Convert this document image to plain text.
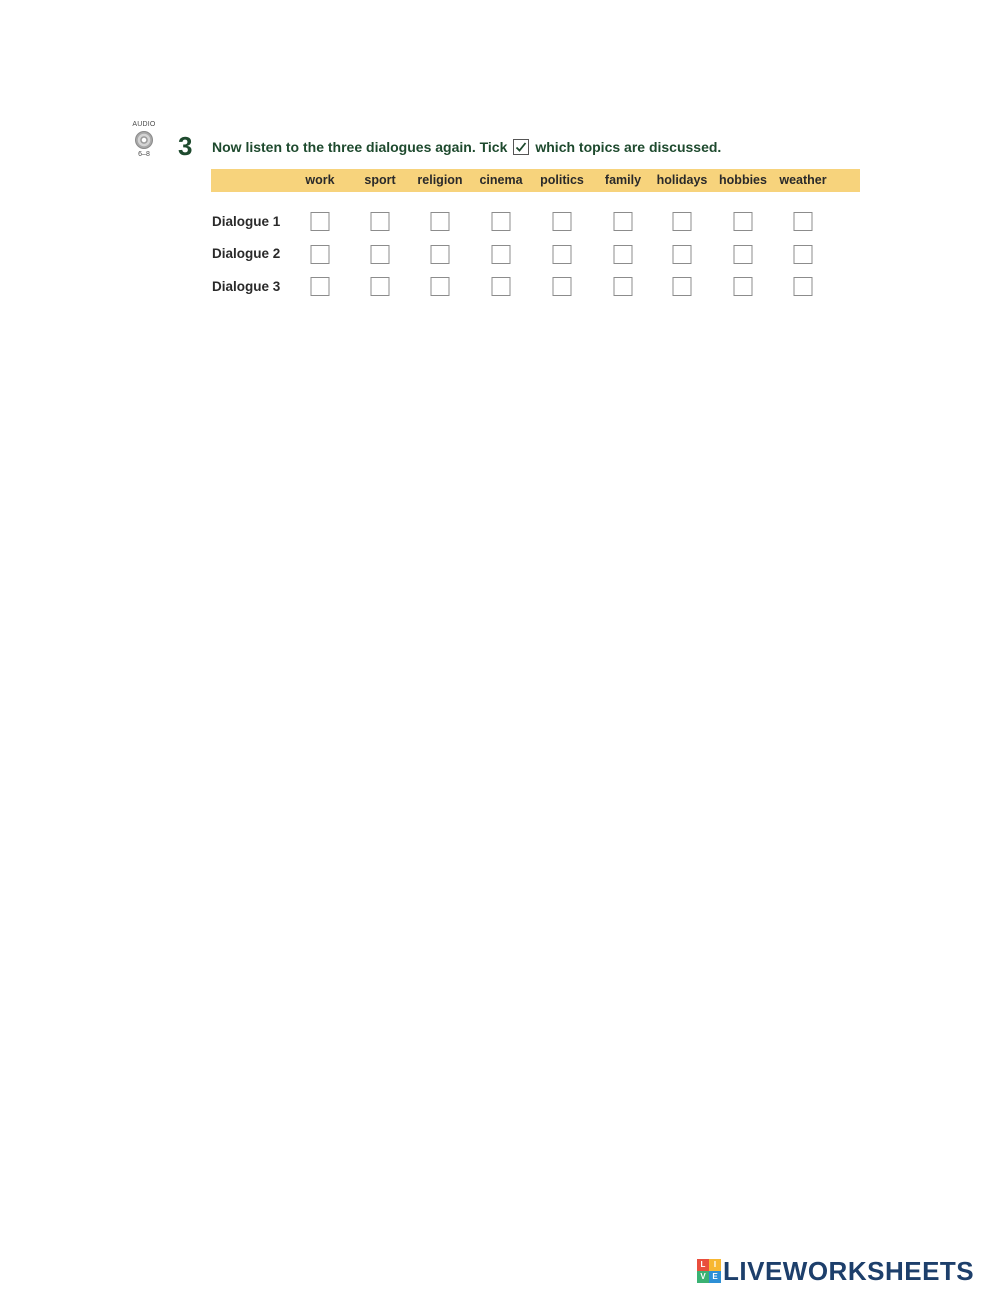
AUDIO
6–8	3 Now listen to the three dialogues again. Tick which topics are discussed.
work sport religion cinema politics family holidays hobbies weather
Dialogue 1
Dialogue 2
Dialogue 3
L	I
V E LIVEWORKSHEETS
